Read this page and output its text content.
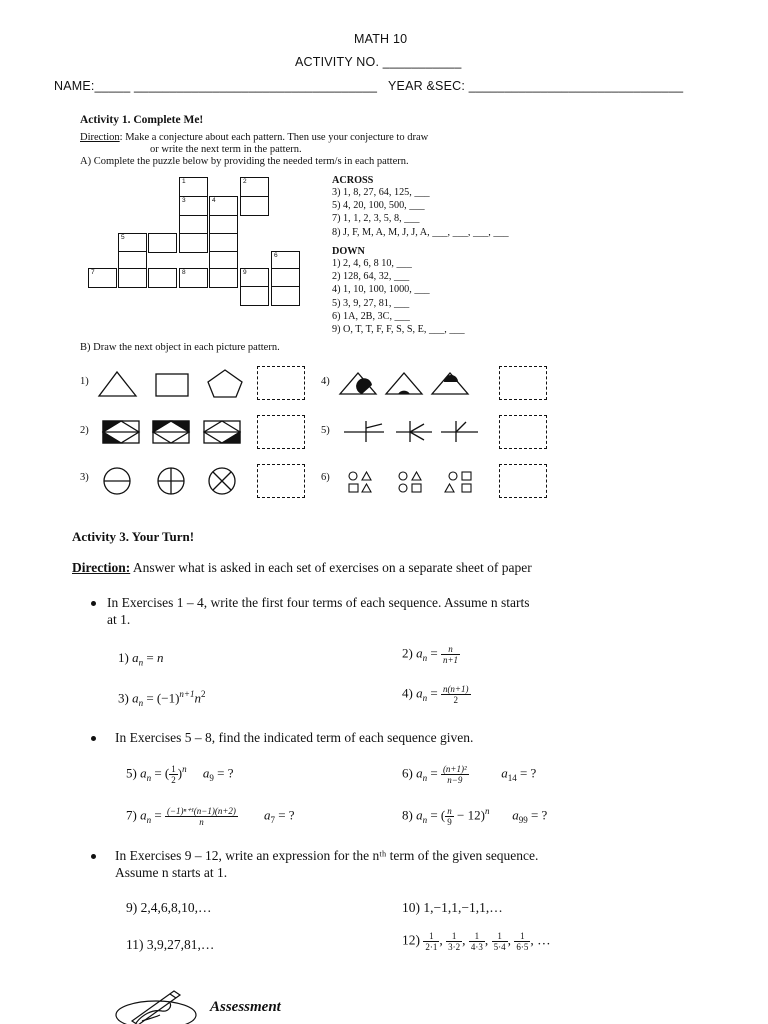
MATH 10
ACTIVITY NO. ___________
NAME:_____ __________________________________ YEAR &SEC: ______________________________
Activity 1. Complete Me!
Direction: Make a conjecture about each pattern. Then use your conjecture to draw
or write the next term in the pattern.
A) Complete the puzzle below by providing the needed term/s in each pattern.
1	2
3	4
5
6
7	8	9
ACROSS
3) 1, 8, 27, 64, 125, ___
5) 4, 20, 100, 500, ___
7) 1, 1, 2, 3, 5, 8, ___
8) J, F, M, A, M, J, J, A, ___, ___, ___, ___
DOWN
1) 2, 4, 6, 8 10, ___
2) 128, 64, 32, ___
4) 1, 10, 100, 1000, ___
5) 3, 9, 27, 81, ___
6) 1A, 2B, 3C, ___
9) O, T, T, F, F, S, S, E, ___, ___
B) Draw the next object in each picture pattern.
1)
2)
3)
4)
5)
6)
Activity 3. Your Turn!
Direction: Answer what is asked in each set of exercises on a separate sheet of paper
In Exercises 1 – 4, write the first four terms of each sequence. Assume n starts
at 1.
1) $a_n = n$	2) $a_n = \frac{n}{n+1}$
3) $a_n = (-1)^{n+1}n^2$	4) $a_n = \frac{n(n+1)}{2}$
In Exercises 5 – 8, find the indicated term of each sequence given.
5) $a_n$ = ( $\frac{1}{2} )^n$ $a_9$ = ?	6) $a_n = \frac{\text{(n+1)²}}{n-9}$	$a_{14}$ = ?
7) $a_n = \frac{\text{(−1)ⁿ⁺¹(n−1)(n+2)}}{n} a_7$ = ?	8) $a_n$ = ( $\frac{n}{9} - 12)^n$ $a_{99}$ = ?
In Exercises 9 – 12, write an expression for the nᵗʰ term of the given sequence.
Assume n starts at 1.
9) 2,4,6,8,10,…	10) 1,−1,1,−1,1,…
11) 3,9,27,81,…	$12) \frac{1}{2\cdot 1}$ , $\frac{1}{3\cdot 2}$ , $\frac{1}{4\cdot 3}$ , $\frac{1}{5\cdot 4}$ , $\frac{1}{6\cdot 5}$ , …
Assessment
